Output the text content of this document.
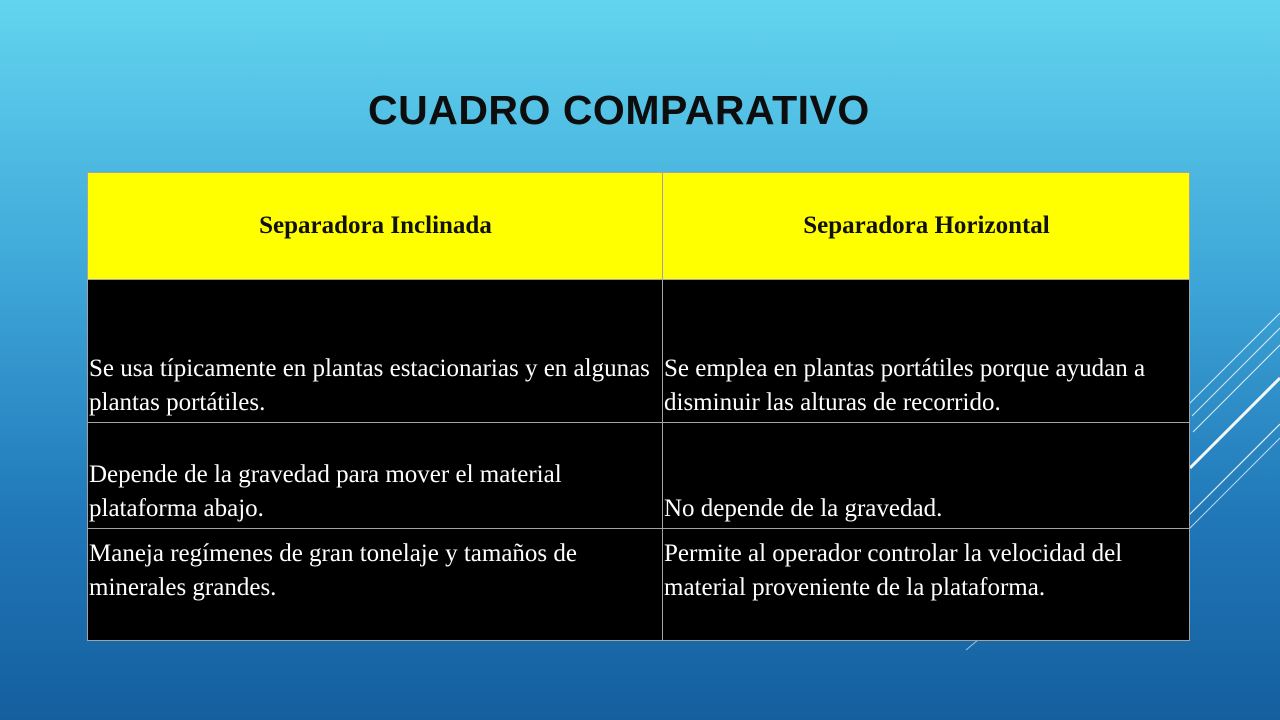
CUADRO COMPARATIVO
Separadora Inclinada	Separadora Horizontal
Se usa típicamente en plantas estacionarias y en algunas plantas portátiles.	Se emplea en plantas portátiles porque ayudan a disminuir las alturas de recorrido.
Depende de la gravedad para mover el material plataforma abajo.	No depende de la gravedad.
Maneja regímenes de gran tonelaje y tamaños de minerales grandes.	Permite al operador controlar la velocidad del material proveniente de la plataforma.
